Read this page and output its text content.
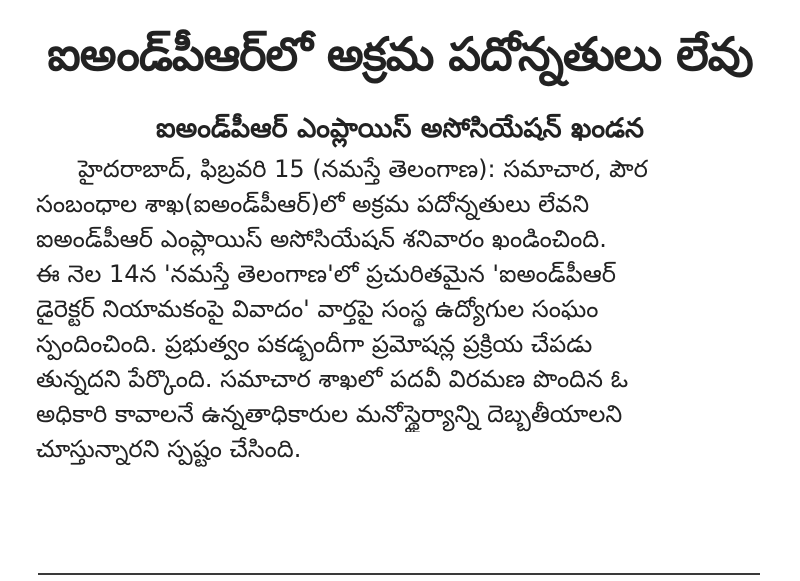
ఐఅండ్‌పీఆర్‌లో అక్రమ పదోన్నతులు లేవు
ఐఅండ్‌పీఆర్ ఎంప్లాయిస్ అసోసియేషన్ ఖండన
హైదరాబాద్, ఫిబ్రవరి 15 (నమస్తే తెలంగాణ): సమాచార, పౌర
సంబంధాల శాఖ(ఐఅండ్‌పీఆర్)లో అక్రమ పదోన్నతులు లేవని
ఐఅండ్‌పీఆర్ ఎంప్లాయిస్ అసోసియేషన్ శనివారం ఖండించింది.
ఈ నెల 14న 'నమస్తే తెలంగాణ'లో ప్రచురితమైన 'ఐఅండ్‌పీఆర్
డైరెక్టర్ నియామకంపై వివాదం' వార్తపై సంస్థ ఉద్యోగుల సంఘం
స్పందించింది. ప్రభుత్వం పకడ్బందీగా ప్రమోషన్ల ప్రక్రియ చేపడు
తున్నదని పేర్కొంది. సమాచార శాఖలో పదవీ విరమణ పొందిన ఓ
అధికారి కావాలనే ఉన్నతాధికారుల మనోస్థైర్యాన్ని దెబ్బతీయాలని
చూస్తున్నారని స్పష్టం చేసింది.
